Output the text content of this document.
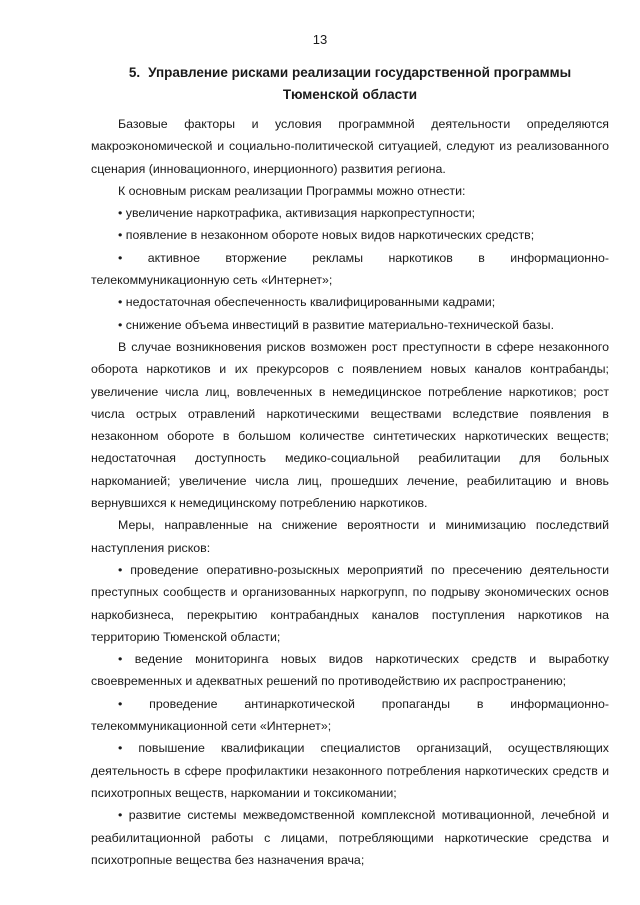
13
5. Управление рисками реализации государственной программы
Тюменской области

Базовые факторы и условия программной деятельности определяются макроэкономической и социально-политической ситуацией, следуют из реализованного сценария (инновационного, инерционного) развития региона.

К основным рискам реализации Программы можно отнести:

• увеличение наркотрафика, активизация наркопреступности;

• появление в незаконном обороте новых видов наркотических средств;

• активное вторжение рекламы наркотиков в информационно-телекоммуникационную сеть «Интернет»;

• недостаточная обеспеченность квалифицированными кадрами;

• снижение объема инвестиций в развитие материально-технической базы.

В случае возникновения рисков возможен рост преступности в сфере незаконного оборота наркотиков и их прекурсоров с появлением новых каналов контрабанды; увеличение числа лиц, вовлеченных в немедицинское потребление наркотиков; рост числа острых отравлений наркотическими веществами вследствие появления в незаконном обороте в большом количестве синтетических наркотических веществ; недостаточная доступность медико-социальной реабилитации для больных наркоманией; увеличение числа лиц, прошедших лечение, реабилитацию и вновь вернувшихся к немедицинскому потреблению наркотиков.

Меры, направленные на снижение вероятности и минимизацию последствий наступления рисков:

• проведение оперативно-розыскных мероприятий по пресечению деятельности преступных сообществ и организованных наркогрупп, по подрыву экономических основ наркобизнеса, перекрытию контрабандных каналов поступления наркотиков на территорию Тюменской области;

• ведение мониторинга новых видов наркотических средств и выработку своевременных и адекватных решений по противодействию их распространению;

• проведение антинаркотической пропаганды в информационно-телекоммуникационной сети «Интернет»;

• повышение квалификации специалистов организаций, осуществляющих деятельность в сфере профилактики незаконного потребления наркотических средств и психотропных веществ, наркомании и токсикомании;

• развитие системы межведомственной комплексной мотивационной, лечебной и реабилитационной работы с лицами, потребляющими наркотические средства и психотропные вещества без назначения врача;
